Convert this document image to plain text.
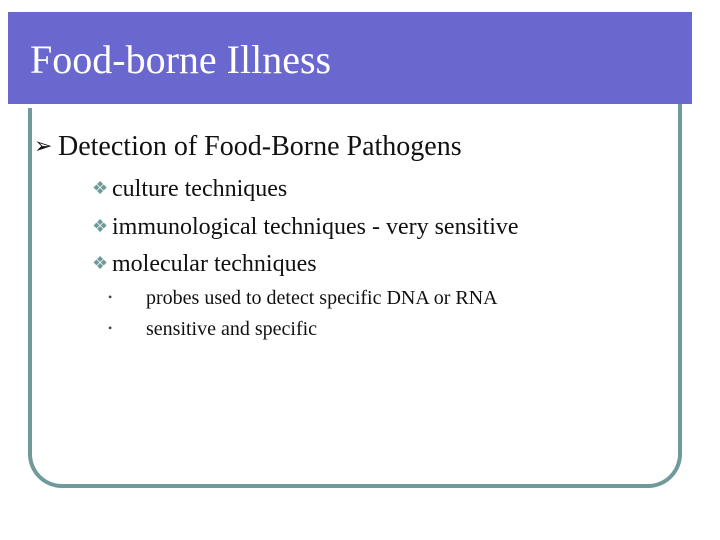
Food-borne Illness
➢ Detection of Food-Borne Pathogens
❖ culture techniques
❖ immunological techniques - very sensitive
❖ molecular techniques
• probes used to detect specific DNA or RNA
• sensitive and specific
